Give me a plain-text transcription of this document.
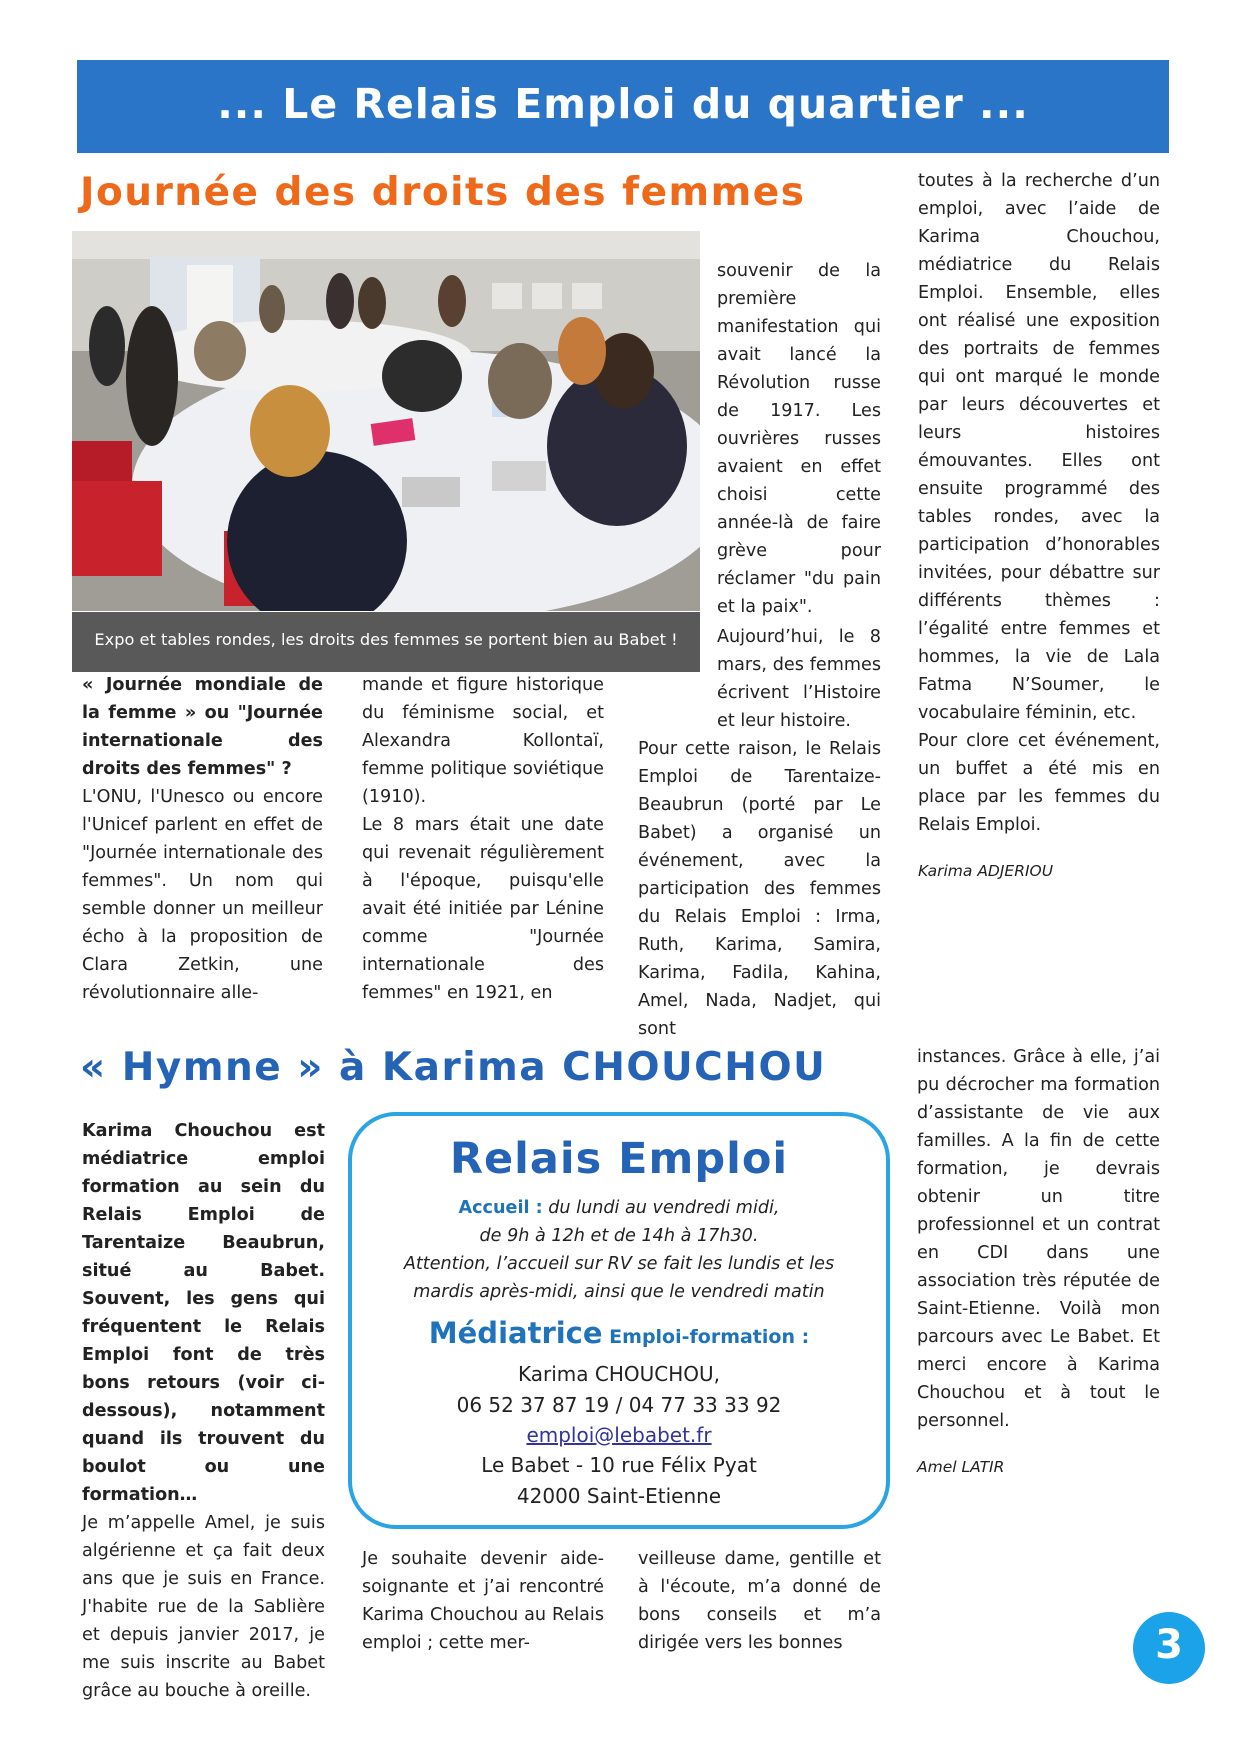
... Le Relais Emploi du quartier ...
Journée des droits des femmes
Expo et tables rondes, les droits des femmes se portent bien au Babet !

« Journée mondiale de la femme » ou "Journée internationale des droits des femmes" ?

L'ONU, l'Unesco ou encore l'Unicef parlent en effet de "Journée internationale des femmes". Un nom qui semble donner un meilleur écho à la proposition de Clara Zetkin, une révolutionnaire alle-

mande et figure historique du féminisme social, et Alexandra Kollontaï, femme politique soviétique (1910).

Le 8 mars était une date qui revenait régulièrement à l'époque, puisqu'elle avait été initiée par Lénine comme "Journée internationale des femmes" en 1921, en

souvenir de la première manifestation qui avait lancé la Révolution russe de 1917. Les ouvrières russes avaient en effet choisi cette année-là de faire grève pour réclamer "du pain et la paix".

Aujourd’hui, le 8 mars, des femmes écrivent l’Histoire et leur histoire.

Pour cette raison, le Relais Emploi de Tarentaize-Beaubrun (porté par Le Babet) a organisé un événement, avec la participation des femmes du Relais Emploi : Irma, Ruth, Karima, Samira, Karima, Fadila, Kahina, Amel, Nada, Nadjet, qui sont

toutes à la recherche d’un emploi, avec l’aide de Karima Chouchou, médiatrice du Relais Emploi. Ensemble, elles ont réalisé une exposition des portraits de femmes qui ont marqué le monde par leurs découvertes et leurs histoires émouvantes. Elles ont ensuite programmé des tables rondes, avec la participation d’honorables invitées, pour débattre sur différents thèmes : l’égalité entre femmes et hommes, la vie de Lala Fatma N’Soumer, le vocabulaire féminin, etc.

Pour clore cet événement, un buffet a été mis en place par les femmes du Relais Emploi.

Karima ADJERIOU

« Hymne » à Karima CHOUCHOU

Karima Chouchou est médiatrice emploi formation au sein du Relais Emploi de Tarentaize Beaubrun, situé au Babet. Souvent, les gens qui fréquentent le Relais Emploi font de très bons retours (voir ci-dessous), notamment quand ils trouvent du boulot ou une formation…

Je m’appelle Amel, je suis algérienne et ça fait deux ans que je suis en France. J'habite rue de la Sablière et depuis janvier 2017, je me suis inscrite au Babet grâce au bouche à oreille.

Relais Emploi
Accueil : du lundi au vendredi midi,
de 9h à 12h et de 14h à 17h30.
Attention, l’accueil sur RV se fait les lundis et les
mardis après-midi, ainsi que le vendredi matin
Médiatrice Emploi-formation :
Karima CHOUCHOU,
06 52 37 87 19 / 04 77 33 33 92
emploi@lebabet.fr
Le Babet - 10 rue Félix Pyat
42000 Saint-Etienne

Je souhaite devenir aide-soignante et j’ai rencontré Karima Chouchou au Relais emploi ; cette mer-

veilleuse dame, gentille et à l'écoute, m’a donné de bons conseils et m’a dirigée vers les bonnes

instances. Grâce à elle, j’ai pu décrocher ma formation d’assistante de vie aux familles. A la fin de cette formation, je devrais obtenir un titre professionnel et un contrat en CDI dans une association très réputée de Saint-Etienne. Voilà mon parcours avec Le Babet. Et merci encore à Karima Chouchou et à tout le personnel.

Amel LATIR

3
